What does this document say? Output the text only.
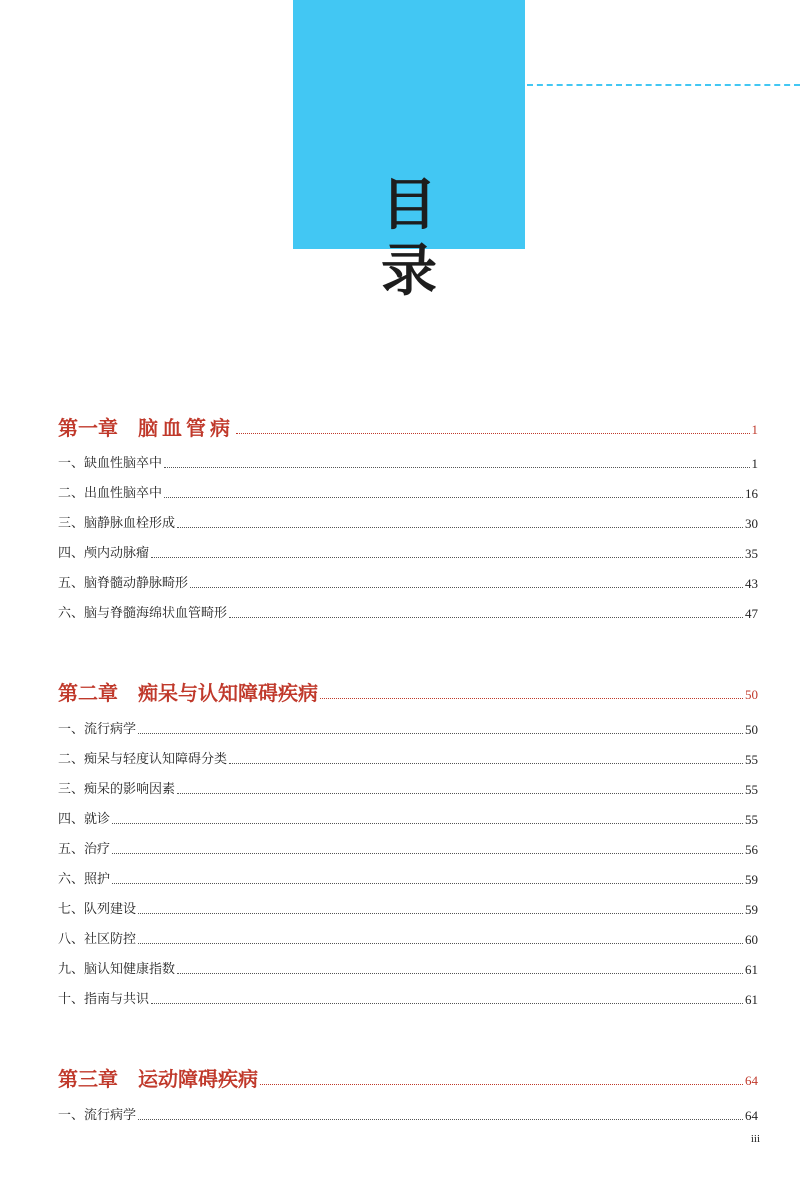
目　录
第一章 脑血管病	1
一、缺血性脑卒中	1
二、出血性脑卒中	16
三、脑静脉血栓形成	30
四、颅内动脉瘤	35
五、脑脊髓动静脉畸形	43
六、脑与脊髓海绵状血管畸形	47
第二章 痴呆与认知障碍疾病	50
一、流行病学	50
二、痴呆与轻度认知障碍分类	55
三、痴呆的影响因素	55
四、就诊	55
五、治疗	56
六、照护	59
七、队列建设	59
八、社区防控	60
九、脑认知健康指数	61
十、指南与共识	61
第三章 运动障碍疾病	64
一、流行病学	64
iii
